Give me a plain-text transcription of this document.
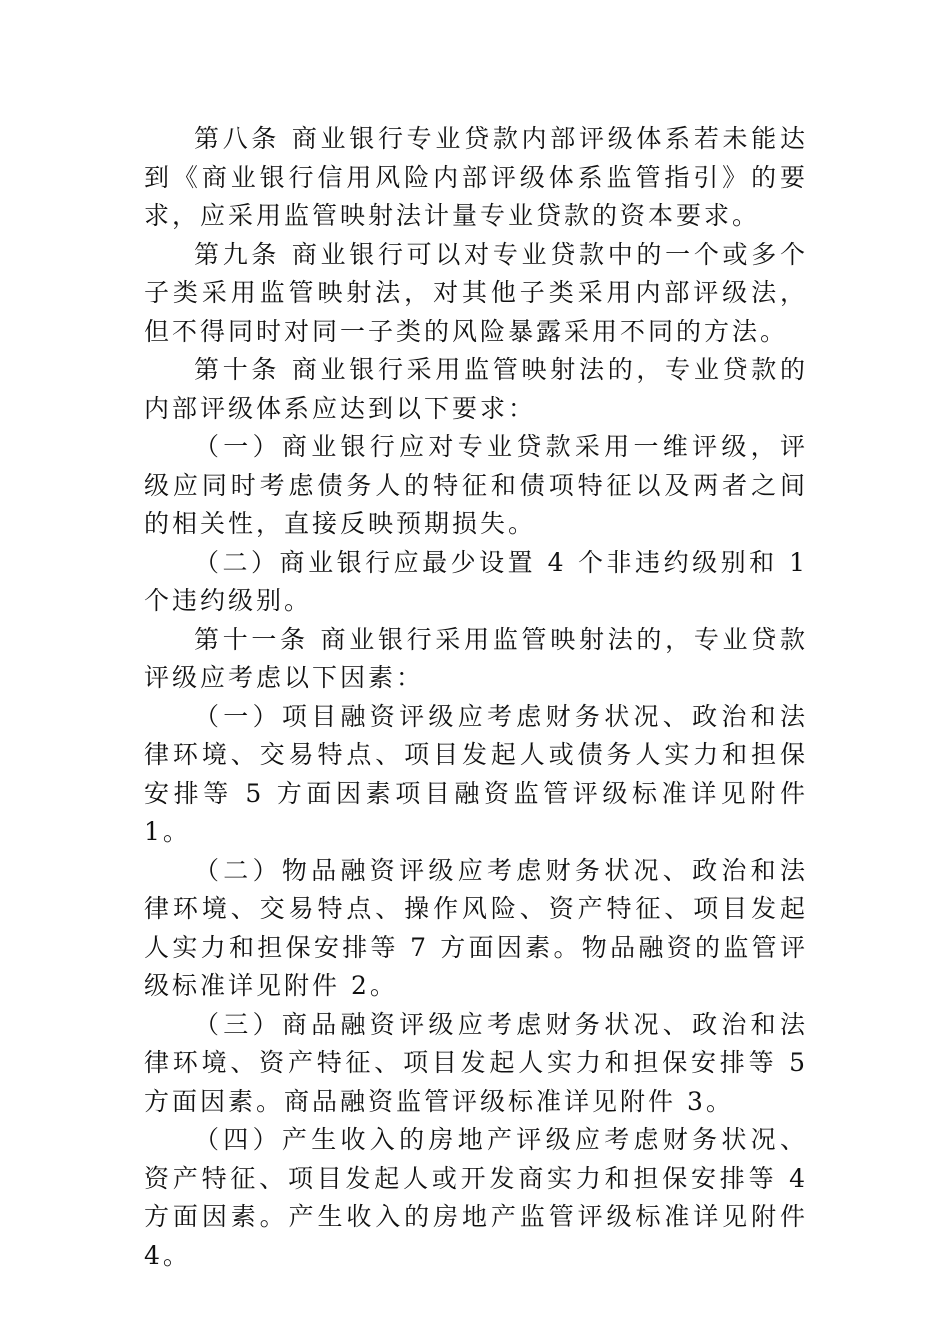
第八条 商业银行专业贷款内部评级体系若未能达到《商业银行信用风险内部评级体系监管指引》的要求，应采用监管映射法计量专业贷款的资本要求。

第九条 商业银行可以对专业贷款中的一个或多个子类采用监管映射法，对其他子类采用内部评级法，但不得同时对同一子类的风险暴露采用不同的方法。

第十条 商业银行采用监管映射法的，专业贷款的内部评级体系应达到以下要求：

（一）商业银行应对专业贷款采用一维评级，评级应同时考虑债务人的特征和债项特征以及两者之间的相关性，直接反映预期损失。

（二）商业银行应最少设置 4 个非违约级别和 1 个违约级别。

第十一条 商业银行采用监管映射法的，专业贷款评级应考虑以下因素：

（一）项目融资评级应考虑财务状况、政治和法律环境、交易特点、项目发起人或债务人实力和担保安排等 5 方面因素项目融资监管评级标准详见附件 1。

（二）物品融资评级应考虑财务状况、政治和法律环境、交易特点、操作风险、资产特征、项目发起人实力和担保安排等 7 方面因素。物品融资的监管评级标准详见附件 2。

（三）商品融资评级应考虑财务状况、政治和法律环境、资产特征、项目发起人实力和担保安排等 5 方面因素。商品融资监管评级标准详见附件 3。

（四）产生收入的房地产评级应考虑财务状况、资产特征、项目发起人或开发商实力和担保安排等 4 方面因素。产生收入的房地产监管评级标准详见附件 4。
